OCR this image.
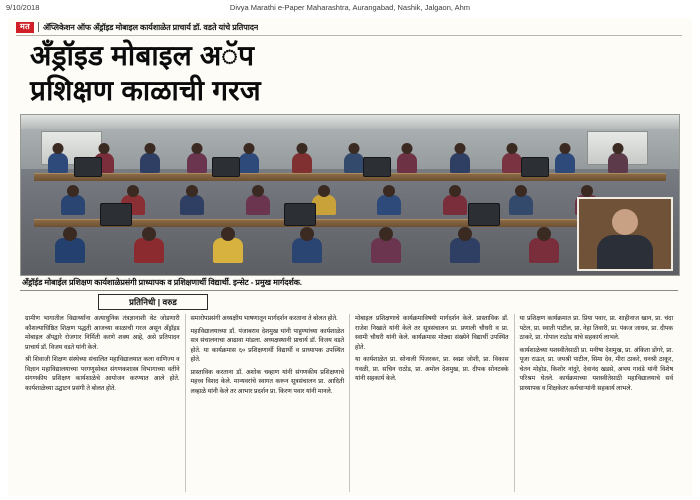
9/10/2018	Divya Marathi e-Paper Maharashtra, Aurangabad, Nashik, Jalgaon, Ahm
मत	अ‍ॅप्लिकेशन ऑफ अँड्रॉइड मोबाइल कार्यशाळेत प्राचार्य डॉ. वडते यांचे प्रतिपादन
अँड्रॉइड मोबाइल अॅप
प्रशिक्षण काळाची गरज
अँड्रॉईड मोबाईल प्रशिक्षण कार्यशाळेप्रसंगी प्राध्यापक व प्रशिक्षणार्थी विद्यार्थी. इन्सेट - प्रमुख मार्गदर्शक.
प्रतिनिधी | वरुड

ग्रामीण भागातील विद्यार्थ्यांना अत्याधुनिक तंत्रज्ञानाशी थेट जोडणारी कौशल्याधिष्ठित शिक्षण पद्धती आजच्या काळाची गरज असून अँड्रॉइड मोबाइल अ‍ॅपद्वारे रोजगार निर्मिती करणे शक्य आहे, असे प्रतिपादन प्राचार्य डॉ. विजय वडते यांनी केले.

श्री शिवाजी शिक्षण संस्थेच्या संचालित महाविद्यालयात कला वाणिज्य व विज्ञान महाविद्यालयाच्या परगणूसोबत संगणकशास्त्र विभागाच्या वतीने संगणकीय प्रशिक्षण कार्यशाळेचे आयोजन करण्यात आले होते. कार्यशाळेच्या उद्घाटन प्रसंगी ते बोलत होते.

समारोपप्रसंगी अध्यक्षीय भाषणातून मार्गदर्शन करताना ते बोलत होते.

महाविद्यालयाच्या डॉ. पंजाबराव देशमुख यांनी पाहुण्यांच्या कार्यशाळेत सत्र संचालनाचा आढावा मांडला. अध्यक्षस्थानी प्राचार्य डॉ. विजय वडते होते. या कार्यक्रमास ६० प्रशिक्षणार्थी विद्यार्थी व प्राध्यापक उपस्थित होते.

प्रास्ताविक करताना डॉ. अशोक चव्हाण यांनी संगणकीय प्रशिक्षणाचे महत्त्व विशद केले. मान्यवरांचे स्वागत करून सूत्रसंचालन प्रा. आदिती लव्हाळे यांनी केले तर आभार प्रदर्शन प्रा. किरण पवार यांनी मानले.

मोबाइल प्रशिक्षणाचे कार्यक्रमाविषयी मार्गदर्शन केले. प्रास्ताविक डॉ. राजेश निखाते यांनी केले तर सूत्रसंचालन प्रा. प्रणाली चौधरी व प्रा. स्वामी चौधरी यांनी केले. कार्यक्रमास मोठ्या संख्येने विद्यार्थी उपस्थित होते.

या कार्यशाळेत प्रा. सोनाली पिंजरकर, प्रा. स्वप्ना जोशी, प्रा. विकास गवळी, प्रा. सचिन राठोड, प्रा. अमोल देशमुख, प्रा. दीपक सोनटक्के यांनी सहकार्य केले.

या प्रशिक्षण कार्यक्रमात प्रा. प्रिया पवार, प्रा. शाहीनाज खान, प्रा. चंदा पटेल, प्रा. स्वाती पाटील, प्रा. नेहा तिवारी, प्रा. पंकज जाधव, प्रा. दीपक ठाकरे, प्रा. गोपाल राठोड यांचे सहकार्य लाभले.

कार्यशाळेच्या यशस्वीतेसाठी प्रा. मनीषा देशमुख, प्रा. अंकिता डोंगरे, प्रा. पूजा राऊत, प्रा. जयश्री पाटील, सिमा देव, मीरा ठाकरे, धनश्री ठाकूर, चेतन मोहोड, किशोर नांदुरे, देवानंद खडसे, अभय गावंडे यांनी विशेष परिश्रम घेतले. कार्यक्रमाच्या यशस्वीतेसाठी महाविद्यालयाचे सर्व प्राध्यापक व शिक्षकेतर कर्मचाऱ्यांनी सहकार्य लाभले.
